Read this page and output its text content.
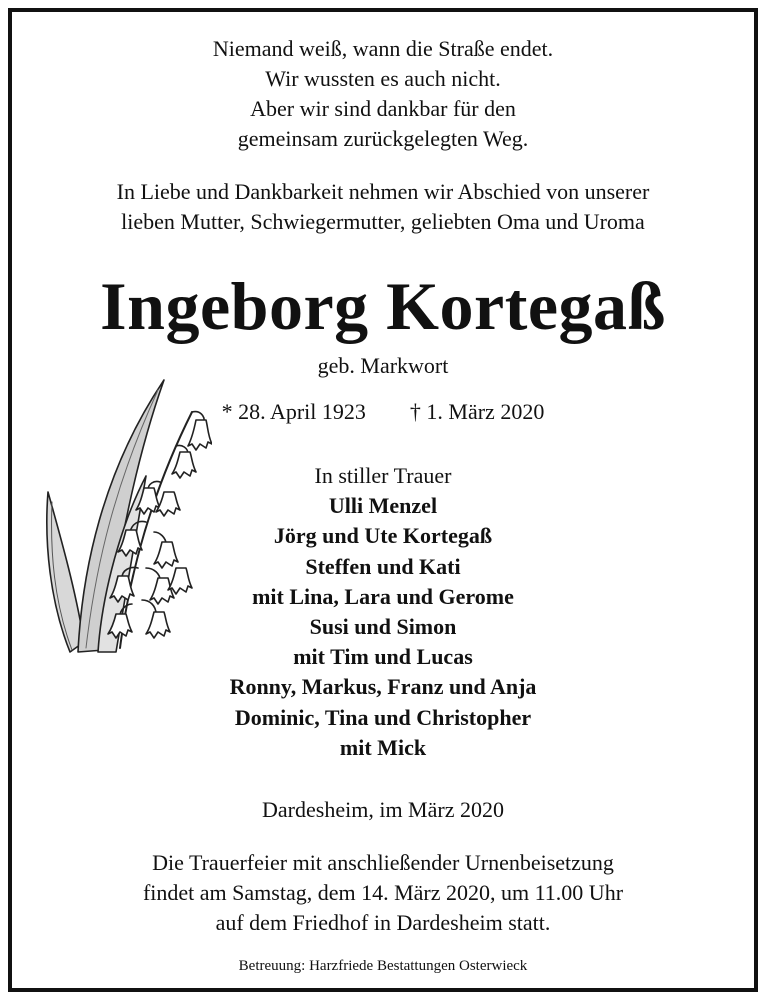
Niemand weiß, wann die Straße endet.
Wir wussten es auch nicht.
Aber wir sind dankbar für den
gemeinsam zurückgelegten Weg.
In Liebe und Dankbarkeit nehmen wir Abschied von unserer
lieben Mutter, Schwiegermutter, geliebten Oma und Uroma
Ingeborg Kortegaß
geb. Markwort
* 28. April 1923 † 1. März 2020
In stiller Trauer
Ulli Menzel
Jörg und Ute Kortegaß
Steffen und Kati
mit Lina, Lara und Gerome
Susi und Simon
mit Tim und Lucas
Ronny, Markus, Franz und Anja
Dominic, Tina und Christopher
mit Mick
Dardesheim, im März 2020
Die Trauerfeier mit anschließender Urnenbeisetzung
findet am Samstag, dem 14. März 2020, um 11.00 Uhr
auf dem Friedhof in Dardesheim statt.
Betreuung: Harzfriede Bestattungen Osterwieck
